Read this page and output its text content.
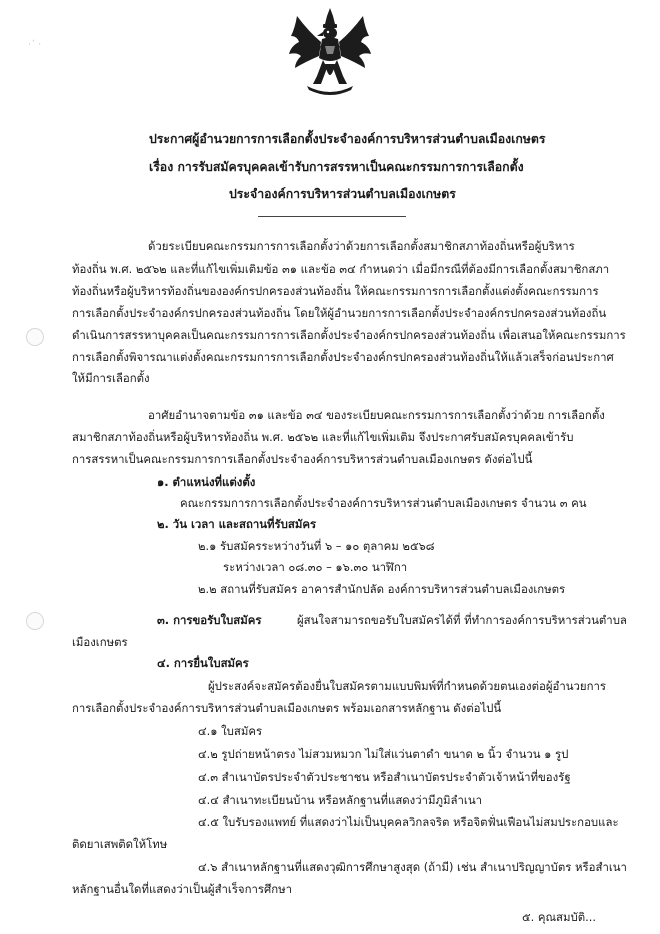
·´ ·
ประกาศผู้อำนวยการการเลือกตั้งประจำองค์การบริหารส่วนตำบลเมืองเกษตร
เรื่อง การรับสมัครบุคคลเข้ารับการสรรหาเป็นคณะกรรมการการเลือกตั้ง
ประจำองค์การบริหารส่วนตำบลเมืองเกษตร
ด้วยระเบียบคณะกรรมการการเลือกตั้งว่าด้วยการเลือกตั้งสมาชิกสภาท้องถิ่นหรือผู้บริหาร
ท้องถิ่น พ.ศ. ๒๕๖๒ และที่แก้ไขเพิ่มเติมข้อ ๓๑ และข้อ ๓๔ กำหนดว่า เมื่อมีกรณีที่ต้องมีการเลือกตั้งสมาชิกสภา
ท้องถิ่นหรือผู้บริหารท้องถิ่นขององค์กรปกครองส่วนท้องถิ่น ให้คณะกรรมการการเลือกตั้งแต่งตั้งคณะกรรมการ
การเลือกตั้งประจำองค์กรปกครองส่วนท้องถิ่น โดยให้ผู้อำนวยการการเลือกตั้งประจำองค์กรปกครองส่วนท้องถิ่น
ดำเนินการสรรหาบุคคลเป็นคณะกรรมการการเลือกตั้งประจำองค์กรปกครองส่วนท้องถิ่น เพื่อเสนอให้คณะกรรมการ
การเลือกตั้งพิจารณาแต่งตั้งคณะกรรมการการเลือกตั้งประจำองค์กรปกครองส่วนท้องถิ่นให้แล้วเสร็จก่อนประกาศ
ให้มีการเลือกตั้ง
อาศัยอำนาจตามข้อ ๓๑ และข้อ ๓๔ ของระเบียบคณะกรรมการการเลือกตั้งว่าด้วย การเลือกตั้ง
สมาชิกสภาท้องถิ่นหรือผู้บริหารท้องถิ่น พ.ศ. ๒๕๖๒ และที่แก้ไขเพิ่มเติม จึงประกาศรับสมัครบุคคลเข้ารับ
การสรรหาเป็นคณะกรรมการการเลือกตั้งประจำองค์การบริหารส่วนตำบลเมืองเกษตร ดังต่อไปนี้
๑. ตำแหน่งที่แต่งตั้ง
คณะกรรมการการเลือกตั้งประจำองค์การบริหารส่วนตำบลเมืองเกษตร จำนวน ๓ คน
๒. วัน เวลา และสถานที่รับสมัคร
๒.๑ รับสมัครระหว่างวันที่ ๖ – ๑๐ ตุลาคม ๒๕๖๘
ระหว่างเวลา ๐๘.๓๐ – ๑๖.๓๐ นาฬิกา
๒.๒ สถานที่รับสมัคร อาคารสำนักปลัด องค์การบริหารส่วนตำบลเมืองเกษตร
๓. การขอรับใบสมัคร	ผู้สนใจสามารถขอรับใบสมัครได้ที่ ที่ทำการองค์การบริหารส่วนตำบล
เมืองเกษตร
๔. การยื่นใบสมัคร
ผู้ประสงค์จะสมัครต้องยื่นใบสมัครตามแบบพิมพ์ที่กำหนดด้วยตนเองต่อผู้อำนวยการ
การเลือกตั้งประจำองค์การบริหารส่วนตำบลเมืองเกษตร พร้อมเอกสารหลักฐาน ดังต่อไปนี้
๔.๑ ใบสมัคร
๔.๒ รูปถ่ายหน้าตรง ไม่สวมหมวก ไม่ใส่แว่นตาดำ ขนาด ๒ นิ้ว จำนวน ๑ รูป
๔.๓ สำเนาบัตรประจำตัวประชาชน หรือสำเนาบัตรประจำตัวเจ้าหน้าที่ของรัฐ
๔.๔ สำเนาทะเบียนบ้าน หรือหลักฐานที่แสดงว่ามีภูมิลำเนา
๔.๕ ใบรับรองแพทย์ ที่แสดงว่าไม่เป็นบุคคลวิกลจริต หรือจิตฟั่นเฟือนไม่สมประกอบและ
ติดยาเสพติดให้โทษ
๔.๖ สำเนาหลักฐานที่แสดงวุฒิการศึกษาสูงสุด (ถ้ามี) เช่น สำเนาปริญญาบัตร หรือสำเนา
หลักฐานอื่นใดที่แสดงว่าเป็นผู้สำเร็จการศึกษา
๕. คุณสมบัติ...
